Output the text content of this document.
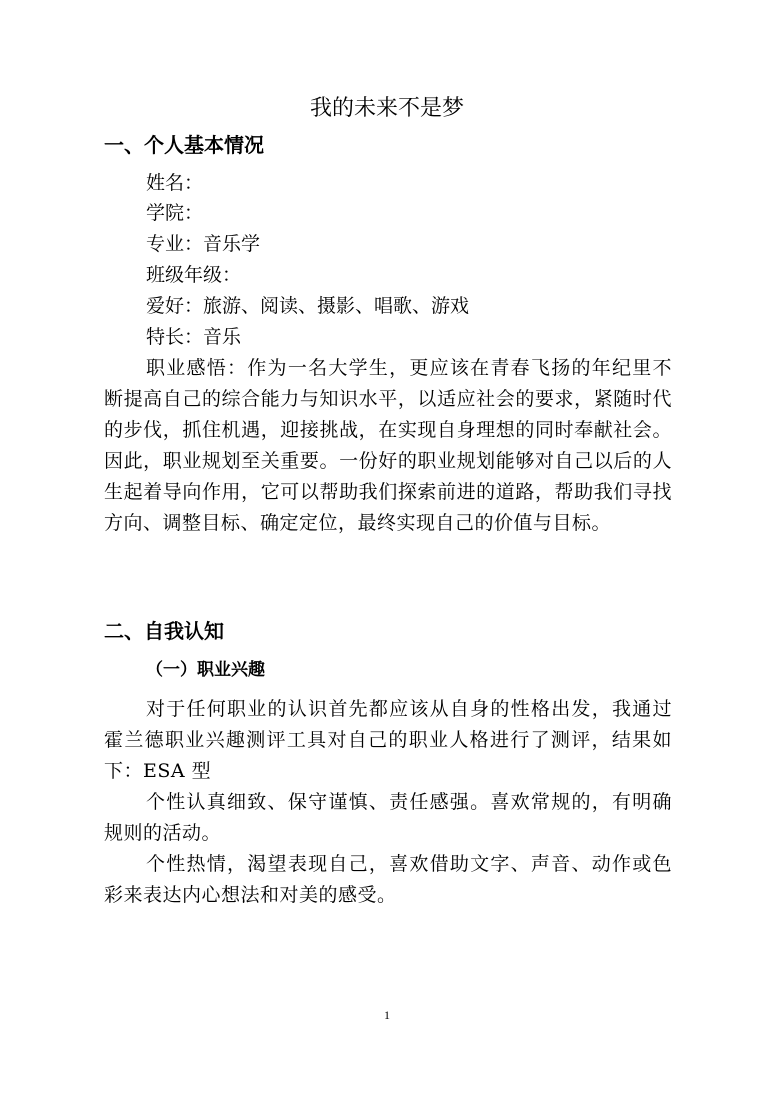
我的未来不是梦
一、个人基本情况
姓名：
学院：
专业：音乐学
班级年级：
爱好：旅游、阅读、摄影、唱歌、游戏
特长：音乐
职业感悟：作为一名大学生，更应该在青春飞扬的年纪里不断提高自己的综合能力与知识水平，以适应社会的要求，紧随时代的步伐，抓住机遇，迎接挑战，在实现自身理想的同时奉献社会。因此，职业规划至关重要。一份好的职业规划能够对自己以后的人生起着导向作用，它可以帮助我们探索前进的道路，帮助我们寻找方向、调整目标、确定定位，最终实现自己的价值与目标。
二、自我认知
（一）职业兴趣
对于任何职业的认识首先都应该从自身的性格出发，我通过霍兰德职业兴趣测评工具对自己的职业人格进行了测评，结果如下：ESA 型
个性认真细致、保守谨慎、责任感强。喜欢常规的，有明确规则的活动。
个性热情，渴望表现自己，喜欢借助文字、声音、动作或色彩来表达内心想法和对美的感受。
1
